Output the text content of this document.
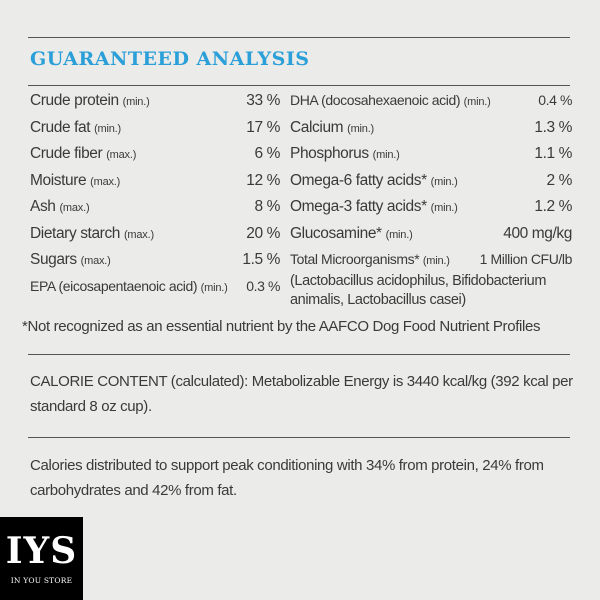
GUARANTEED ANALYSIS
Crude protein (min.)	33 %
Crude fat (min.)	17 %
Crude fiber (max.)	6 %
Moisture (max.)	12 %
Ash (max.)	8 %
Dietary starch (max.)	20 %
Sugars (max.)	1.5 %
EPA (eicosapentaenoic acid) (min.) 0.3 %
DHA (docosahexaenoic acid) (min.)	0.4 %
Calcium (min.)	1.3 %
Phosphorus (min.)	1.1 %
Omega-6 fatty acids* (min.)	2 %
Omega-3 fatty acids* (min.)	1.2 %
Glucosamine* (min.)	400 mg/kg
Total Microorganisms* (min.) 1 Million CFU/lb
(Lactobacillus acidophilus, Bifidobacterium animalis, Lactobacillus casei)
*Not recognized as an essential nutrient by the AAFCO Dog Food Nutrient Profiles
CALORIE CONTENT (calculated): Metabolizable Energy is 3440 kcal/kg (392 kcal per standard 8 oz cup).
Calories distributed to support peak conditioning with 34% from protein, 24% from carbohydrates and 42% from fat.
IYS
IN YOU STORE
